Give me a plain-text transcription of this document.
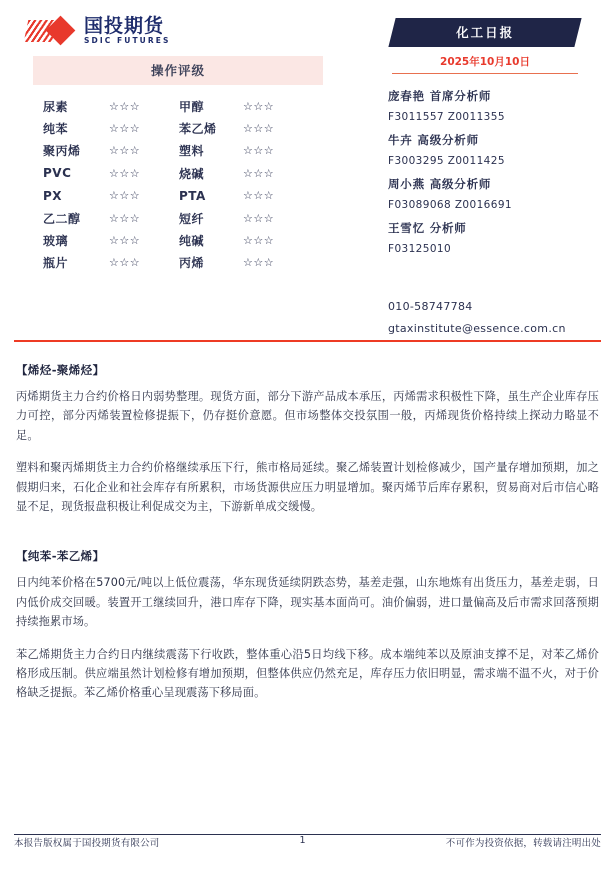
国投期货
SDIC FUTURES
操作评级
尿素	☆☆☆	甲醇	☆☆☆
纯苯	☆☆☆	苯乙烯	☆☆☆
聚丙烯	☆☆☆	塑料	☆☆☆
PVC	☆☆☆	烧碱	☆☆☆
PX	☆☆☆	PTA	☆☆☆
乙二醇	☆☆☆	短纤	☆☆☆
玻璃	☆☆☆	纯碱	☆☆☆
瓶片	☆☆☆	丙烯	☆☆☆
化工日报
2025年10月10日
庞春艳 首席分析师
F3011557 Z0011355
牛卉 高级分析师
F3003295 Z0011425
周小燕 高级分析师
F03089068 Z0016691
王雪忆 分析师
F03125010
010-58747784
gtaxinstitute@essence.com.cn
【烯烃-聚烯烃】
丙烯期货主力合约价格日内弱势整理。现货方面，部分下游产品成本承压，丙烯需求积极性下降，虽生产企业库存压力可控，部分丙烯装置检修提振下，仍存挺价意愿。但市场整体交投氛围一般，丙烯现货价格持续上探动力略显不足。
塑料和聚丙烯期货主力合约价格继续承压下行，熊市格局延续。聚乙烯装置计划检修减少，国产量存增加预期，加之假期归来，石化企业和社会库存有所累积，市场货源供应压力明显增加。聚丙烯节后库存累积，贸易商对后市信心略显不足，现货报盘积极让利促成交为主，下游新单成交缓慢。
【纯苯-苯乙烯】
日内纯苯价格在5700元/吨以上低位震荡，华东现货延续阴跌态势，基差走强，山东地炼有出货压力，基差走弱，日内低价成交回暖。装置开工继续回升，港口库存下降，现实基本面尚可。油价偏弱，进口量偏高及后市需求回落预期持续拖累市场。
苯乙烯期货主力合约日内继续震荡下行收跌，整体重心沿5日均线下移。成本端纯苯以及原油支撑不足，对苯乙烯价格形成压制。供应端虽然计划检修有增加预期，但整体供应仍然充足，库存压力依旧明显，需求端不温不火，对于价格缺乏提振。苯乙烯价格重心呈现震荡下移局面。
本报告版权属于国投期货有限公司	1	不可作为投资依据，转载请注明出处
